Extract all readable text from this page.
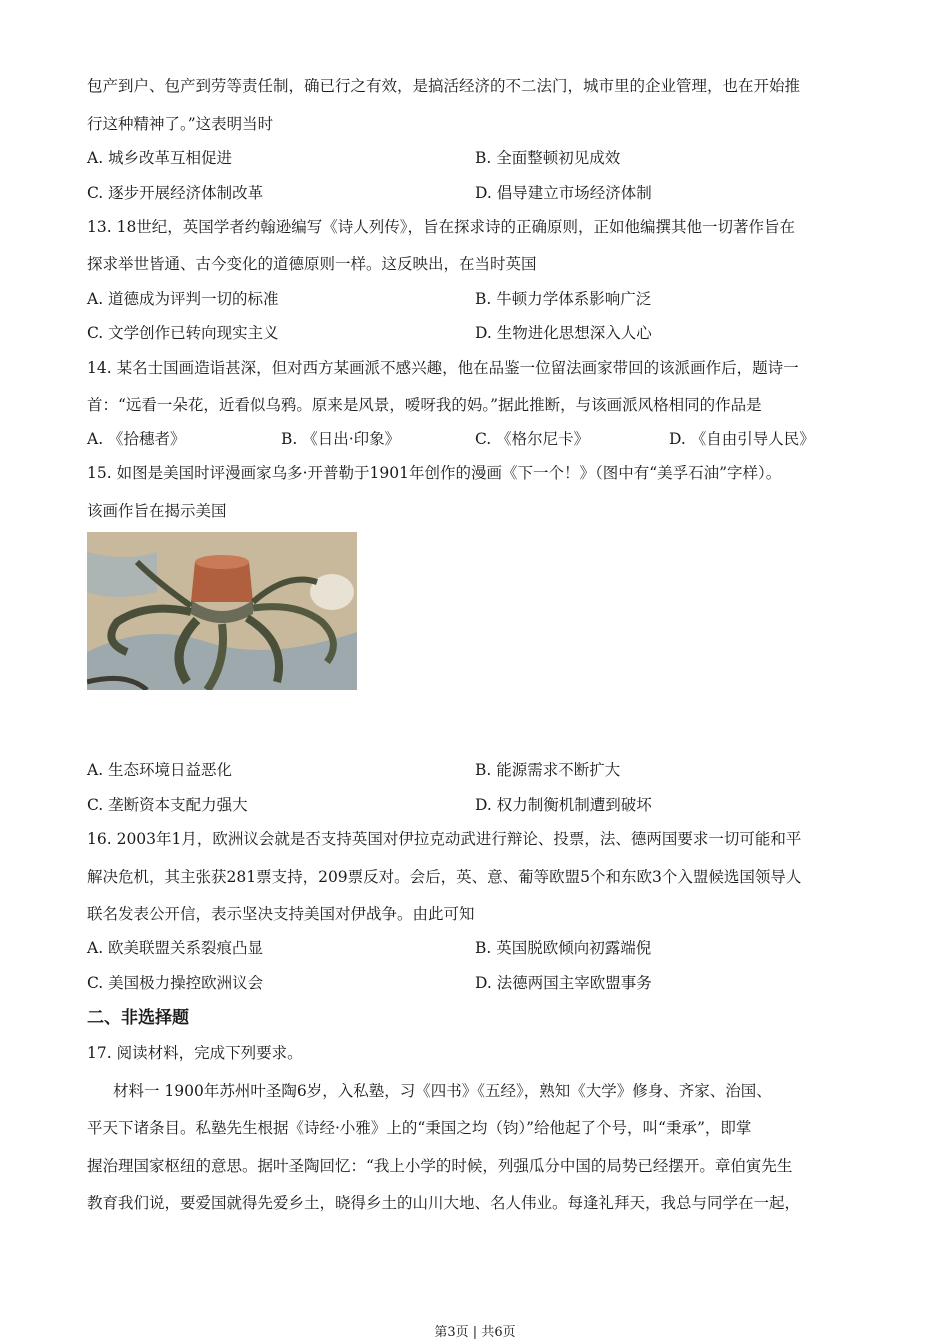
包产到户、包产到劳等责任制，确已行之有效，是搞活经济的不二法门，城市里的企业管理，也在开始推
行这种精神了。”这表明当时
A. 城乡改革互相促进	B. 全面整顿初见成效
C. 逐步开展经济体制改革	D. 倡导建立市场经济体制
13. 18世纪，英国学者约翰逊编写《诗人列传》，旨在探求诗的正确原则，正如他编撰其他一切著作旨在
探求举世皆通、古今变化的道德原则一样。这反映出，在当时英国
A. 道德成为评判一切的标准	B. 牛顿力学体系影响广泛
C. 文学创作已转向现实主义	D. 生物进化思想深入人心
14. 某名士国画造诣甚深，但对西方某画派不感兴趣，他在品鉴一位留法画家带回的该派画作后，题诗一
首：“远看一朵花，近看似乌鸦。原来是风景，嗳呀我的妈。”据此推断，与该画派风格相同的作品是
A. 《拾穗者》	B. 《日出·印象》	C. 《格尔尼卡》	D. 《自由引导人民》
15. 如图是美国时评漫画家乌多·开普勒于1901年创作的漫画《下一个！》（图中有“美孚石油”字样）。
该画作旨在揭示美国
A. 生态环境日益恶化	B. 能源需求不断扩大
C. 垄断资本支配力强大	D. 权力制衡机制遭到破坏
16. 2003年1月，欧洲议会就是否支持英国对伊拉克动武进行辩论、投票，法、德两国要求一切可能和平
解决危机，其主张获281票支持，209票反对。会后，英、意、葡等欧盟5个和东欧3个入盟候选国领导人
联名发表公开信，表示坚决支持美国对伊战争。由此可知
A. 欧美联盟关系裂痕凸显	B. 英国脱欧倾向初露端倪
C. 美国极力操控欧洲议会	D. 法德两国主宰欧盟事务
二、非选择题
17. 阅读材料，完成下列要求。
材料一 1900年苏州叶圣陶6岁，入私塾，习《四书》《五经》，熟知《大学》修身、齐家、治国、
平天下诸条目。私塾先生根据《诗经·小雅》上的“秉国之均（钧）”给他起了个号，叫“秉承”，即掌
握治理国家枢纽的意思。据叶圣陶回忆：“我上小学的时候，列强瓜分中国的局势已经摆开。章伯寅先生
教育我们说，要爱国就得先爱乡土，晓得乡土的山川大地、名人伟业。每逢礼拜天，我总与同学在一起，
第3页 | 共6页
